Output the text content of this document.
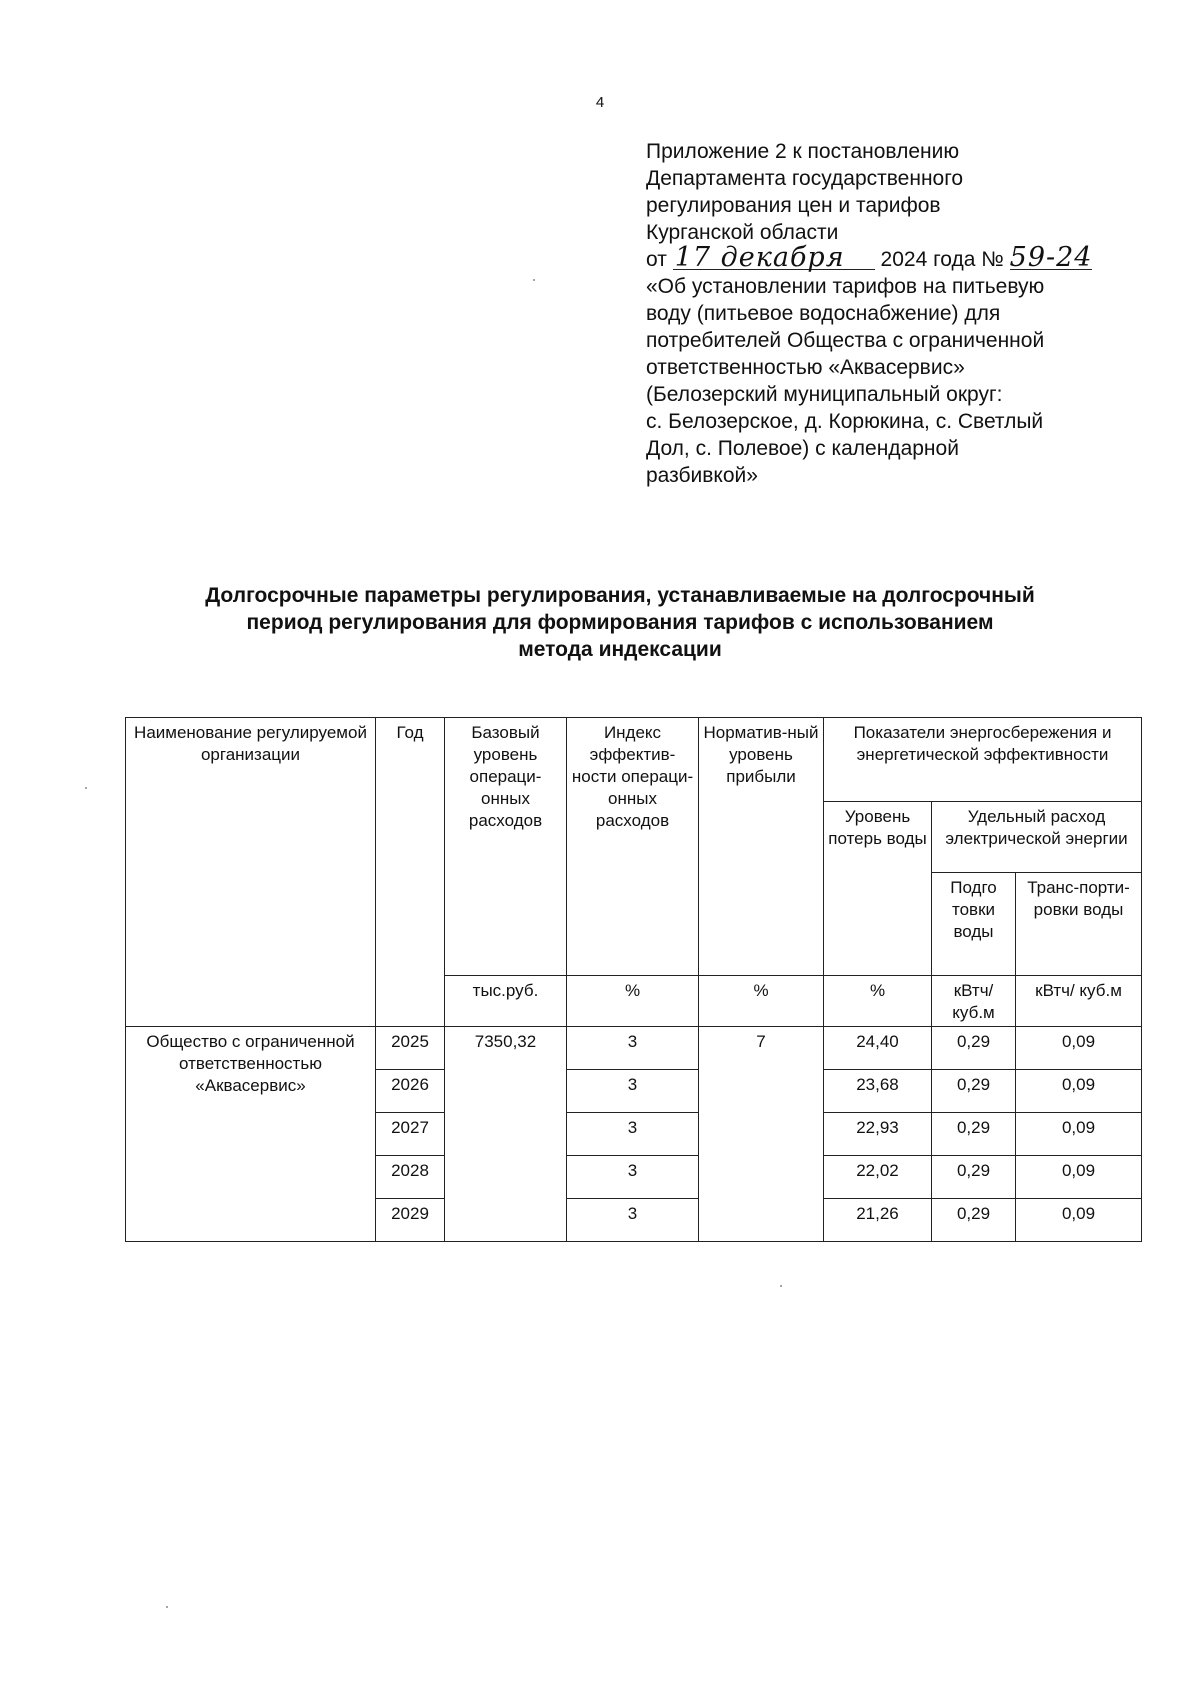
4
Приложение 2 к постановлению
Департамента государственного
регулирования цен и тарифов
Курганской области
от 17 декабря 2024 года № 59-24
«Об установлении тарифов на питьевую
воду (питьевое водоснабжение) для
потребителей Общества с ограниченной
ответственностью «Аквасервис»
(Белозерский муниципальный округ:
с. Белозерское, д. Корюкина, с. Светлый
Дол, с. Полевое) с календарной
разбивкой»
Долгосрочные параметры регулирования, устанавливаемые на долгосрочный
период регулирования для формирования тарифов с использованием
метода индексации
Наименование регулируемой организации	Год	Базовый уровень операци-онных расходов	Индекс эффектив-ности операци-онных расходов	Норматив-ный уровень прибыли	Показатели энергосбережения и энергетической эффективности		
					Уровень потерь воды	Удельный расход электрической энергии	
						Подго товки воды	Транс-порти-ровки воды
		тыс.руб.	%	%	%	кВтч/ куб.м	кВтч/ куб.м
Общество с ограниченной ответственностью «Аквасервис»	2025	7350,32	3	7	24,40	0,29	0,09
	2026		3		23,68	0,29	0,09
	2027		3		22,93	0,29	0,09
	2028		3		22,02	0,29	0,09
	2029		3		21,26	0,29	0,09
